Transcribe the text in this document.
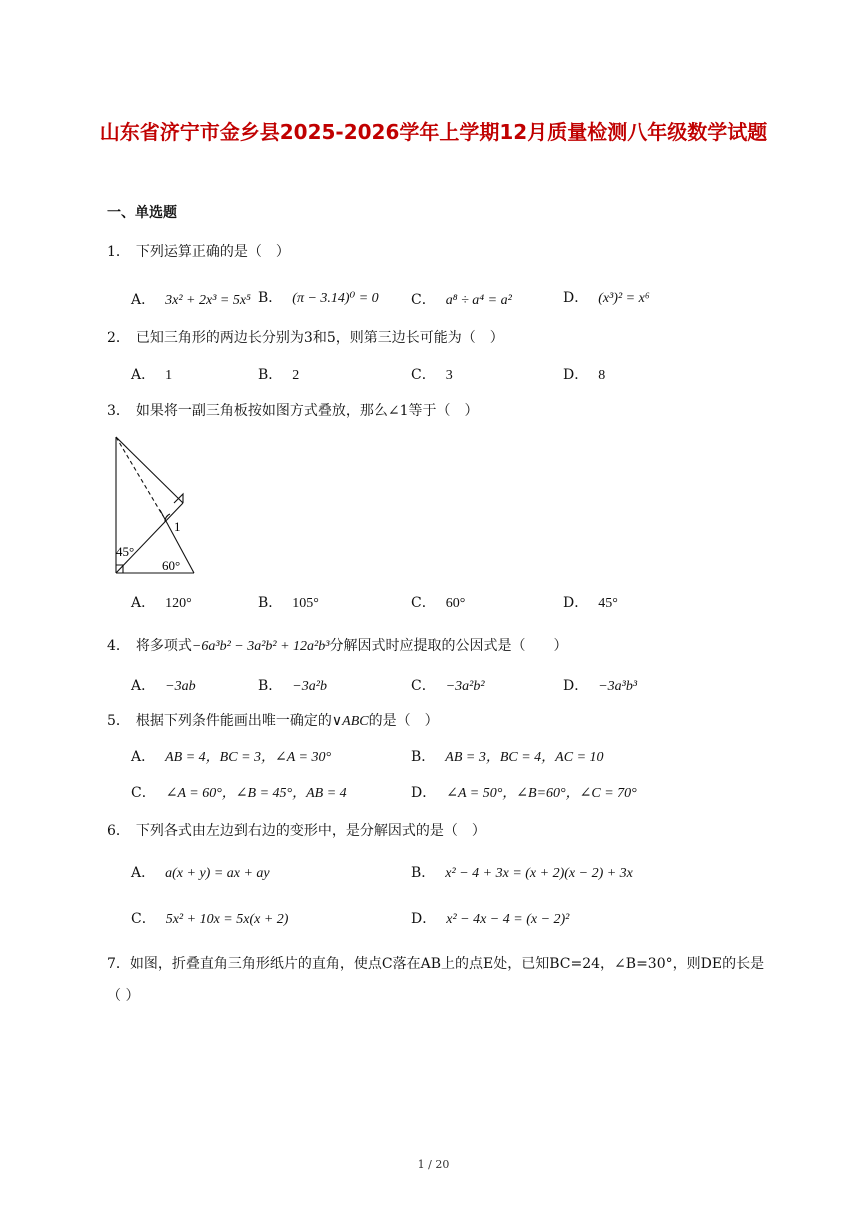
山东省济宁市金乡县2025-2026学年上学期12月质量检测八年级数学试题
一、单选题
1． 下列运算正确的是（　）
A． 3x² + 2x³ = 5x⁵ B． (π − 3.14)⁰ = 0 C． a⁸ ÷ a⁴ = a²	D． (x³)² = x⁶
2． 已知三角形的两边长分别为3和5，则第三边长可能为（　）
A． 1	B． 2	C． 3	D． 8
3． 如果将一副三角板按如图方式叠放，那么∠1等于（　）
1
45°
60°
A． 120°	B． 105°	C． 60°	D． 45°
4． 将多项式−6a³b² − 3a²b² + 12a²b³分解因式时应提取的公因式是（　　）
A． −3ab	B． −3a²b	C． −3a²b²	D． −3a³b³
5． 根据下列条件能画出唯一确定的∨ABC的是（　）
A． AB = 4，BC = 3，∠A = 30°	B． AB = 3，BC = 4，AC = 10
C． ∠A = 60°，∠B = 45°，AB = 4	D． ∠A = 50°，∠B=60°，∠C = 70°
6． 下列各式由左边到右边的变形中，是分解因式的是（　）
A． a(x + y) = ax + ay	B． x² − 4 + 3x = (x + 2)(x − 2) + 3x
C． 5x² + 10x = 5x(x + 2)	D． x² − 4x − 4 = (x − 2)²
7．如图，折叠直角三角形纸片的直角，使点C落在AB上的点E处，已知BC=24，∠B=30°，则DE的长是（ ）
1 / 20
